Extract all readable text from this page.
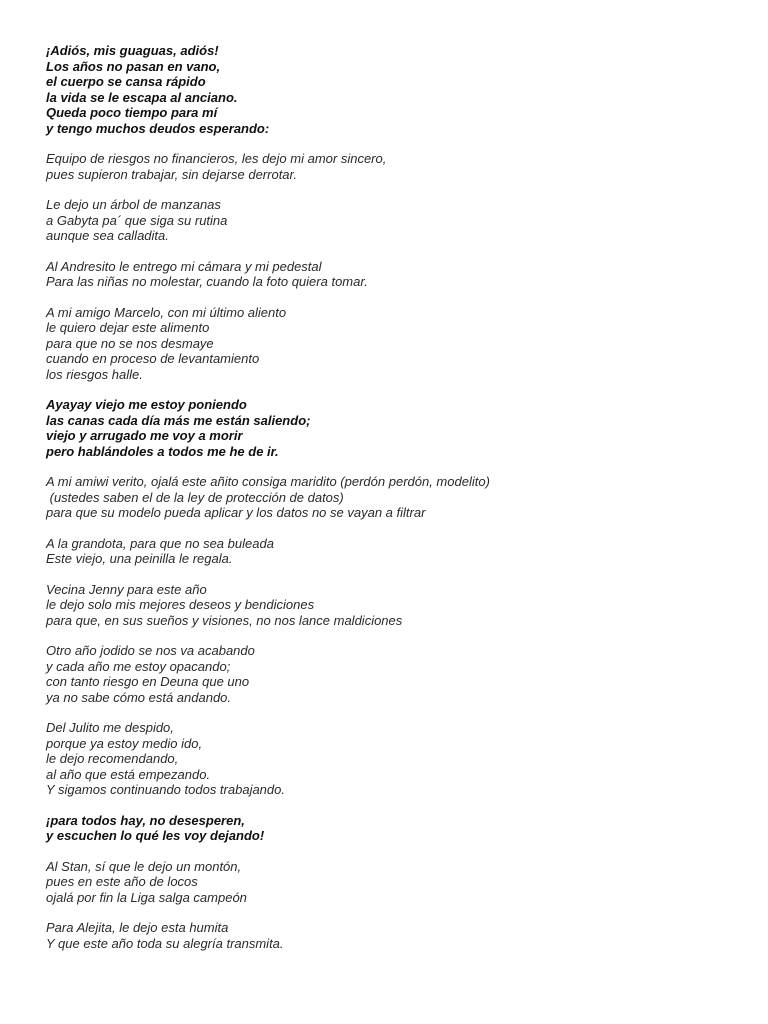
¡Adiós, mis guaguas, adiós!
Los años no pasan en vano,
el cuerpo se cansa rápido
la vida se le escapa al anciano.
Queda poco tiempo para mí
y tengo muchos deudos esperando:
Equipo de riesgos no financieros, les dejo mi amor sincero,
pues supieron trabajar, sin dejarse derrotar.
Le dejo un árbol de manzanas
a Gabyta pa´ que siga su rutina
aunque sea calladita.
Al Andresito le entrego mi cámara y mi pedestal
Para las niñas no molestar, cuando la foto quiera tomar.
A mi amigo Marcelo, con mi último aliento
le quiero dejar este alimento
para que no se nos desmaye
cuando en proceso de levantamiento
los riesgos halle.
Ayayay viejo me estoy poniendo
las canas cada día más me están saliendo;
viejo y arrugado me voy a morir
pero hablándoles a todos me he de ir.
A mi amiwi verito, ojalá este añito consiga maridito (perdón perdón, modelito)
(ustedes saben el de la ley de protección de datos)
para que su modelo pueda aplicar y los datos no se vayan a filtrar
A la grandota, para que no sea buleada
Este viejo, una peinilla le regala.
Vecina Jenny para este año
le dejo solo mis mejores deseos y bendiciones
para que, en sus sueños y visiones, no nos lance maldiciones
Otro año jodido se nos va acabando
y cada año me estoy opacando;
con tanto riesgo en Deuna que uno
ya no sabe cómo está andando.
Del Julito me despido,
porque ya estoy medio ido,
le dejo recomendando,
al año que está empezando.
Y sigamos continuando todos trabajando.
¡para todos hay, no desesperen,
y escuchen lo qué les voy dejando!
Al Stan, sí que le dejo un montón,
pues en este año de locos
ojalá por fin la Liga salga campeón
Para Alejita, le dejo esta humita
Y que este año toda su alegría transmita.
